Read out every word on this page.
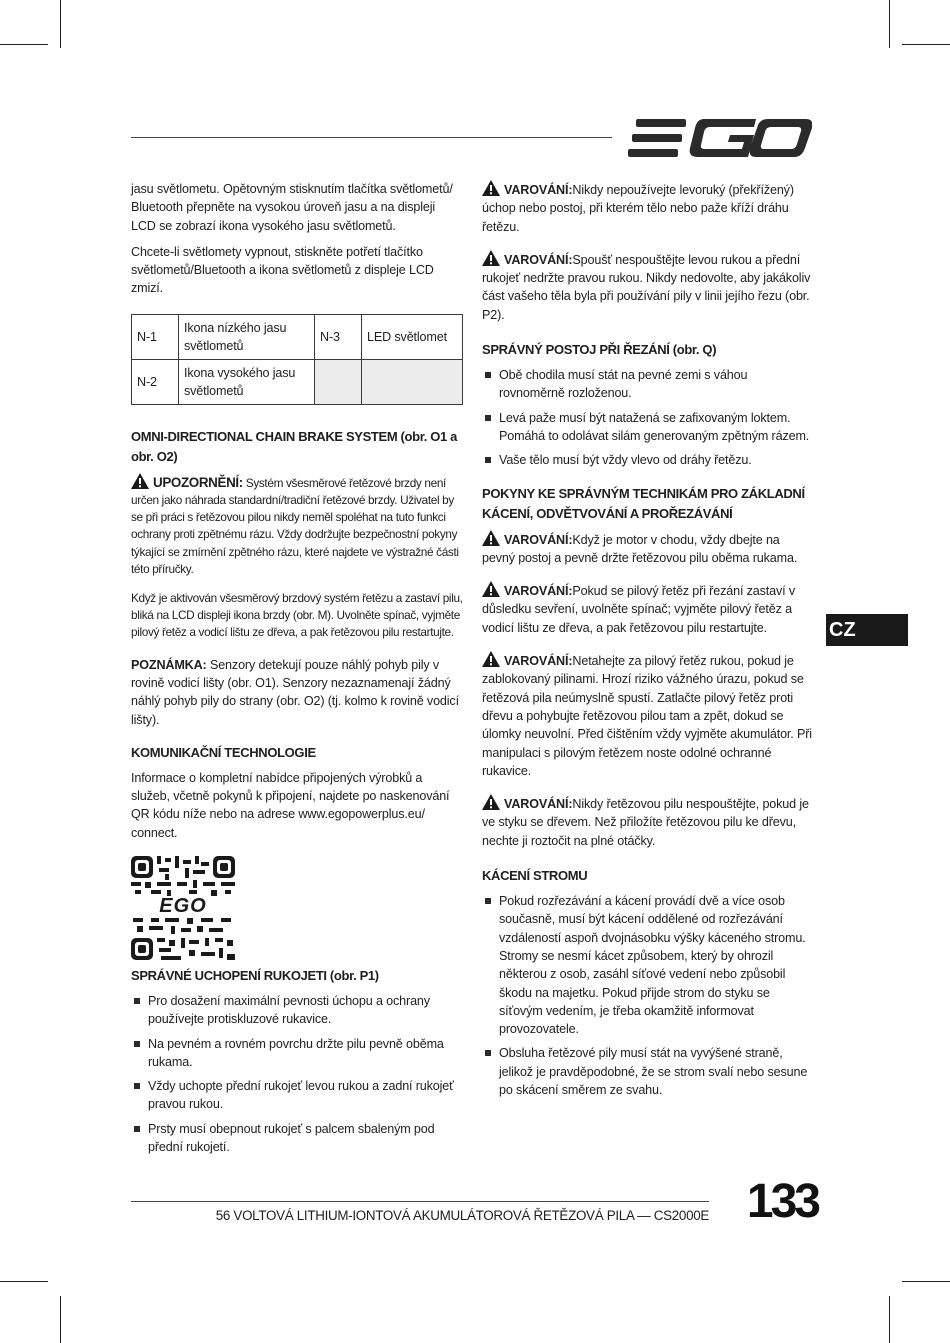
EGO

jasu světlometu. Opětovným stisknutím tlačítka světlometů/ Bluetooth přepněte na vysokou úroveň jasu a na displeji LCD se zobrazí ikona vysokého jasu světlometů.

Chcete-li světlomety vypnout, stiskněte potřetí tlačítko světlometů/Bluetooth a ikona světlometů z displeje LCD zmizí.

N-1	Ikona nízkého jasu světlometů	N-3	LED světlomet
N-2	Ikona vysokého jasu světlometů		
OMNI-DIRECTIONAL CHAIN BRAKE SYSTEM (obr. O1 a obr. O2)

UPOZORNĚNÍ: Systém všesměrové řetězové brzdy není určen jako náhrada standardní/tradiční řetězové brzdy. Uživatel by se při práci s řetězovou pilou nikdy neměl spoléhat na tuto funkci ochrany proti zpětnému rázu. Vždy dodržujte bezpečnostní pokyny týkající se zmírnění zpětného rázu, které najdete ve výstražné části této příručky.

Když je aktivován všesměrový brzdový systém řetězu a zastaví pilu, bliká na LCD displeji ikona brzdy (obr. M). Uvolněte spínač, vyjměte pilový řetěz a vodicí lištu ze dřeva, a pak řetězovou pilu restartujte.

POZNÁMKA: Senzory detekují pouze náhlý pohyb pily v rovině vodicí lišty (obr. O1). Senzory nezaznamenají žádný náhlý pohyb pily do strany (obr. O2) (tj. kolmo k rovině vodicí lišty).

KOMUNIKAČNÍ TECHNOLOGIE

Informace o kompletní nabídce připojených výrobků a služeb, včetně pokynů k připojení, najdete po naskenování QR kódu níže nebo na adrese www.egopowerplus.eu/ connect.

EGO
SPRÁVNÉ UCHOPENÍ RUKOJETI (obr. P1)
Pro dosažení maximální pevnosti úchopu a ochrany používejte protiskluzové rukavice.
Na pevném a rovném povrchu držte pilu pevně oběma rukama.
Vždy uchopte přední rukojeť levou rukou a zadní rukojeť pravou rukou.
Prsty musí obepnout rukojeť s palcem sbaleným pod přední rukojetí.

VAROVÁNÍ:Nikdy nepoužívejte levoruký (překřížený) úchop nebo postoj, při kterém tělo nebo paže kříží dráhu řetězu.

VAROVÁNÍ:Spoušť nespouštějte levou rukou a přední rukojeť nedržte pravou rukou. Nikdy nedovolte, aby jakákoliv část vašeho těla byla při používání pily v linii jejího řezu (obr. P2).

SPRÁVNÝ POSTOJ PŘI ŘEZÁNÍ (obr. Q)
Obě chodila musí stát na pevné zemi s váhou rovnoměrně rozloženou.
Levá paže musí být natažená se zafixovaným loktem. Pomáhá to odolávat silám generovaným zpětným rázem.
Vaše tělo musí být vždy vlevo od dráhy řetězu.
POKYNY KE SPRÁVNÝM TECHNIKÁM PRO ZÁKLADNÍ KÁCENÍ, ODVĚTVOVÁNÍ A PROŘEZÁVÁNÍ

VAROVÁNÍ:Když je motor v chodu, vždy dbejte na pevný postoj a pevně držte řetězovou pilu oběma rukama.

VAROVÁNÍ:Pokud se pilový řetěz při řezání zastaví v důsledku sevření, uvolněte spínač; vyjměte pilový řetěz a vodicí lištu ze dřeva, a pak řetězovou pilu restartujte.

VAROVÁNÍ:Netahejte za pilový řetěz rukou, pokud je zablokovaný pilinami. Hrozí riziko vážného úrazu, pokud se řetězová pila neúmyslně spustí. Zatlačte pilový řetěz proti dřevu a pohybujte řetězovou pilou tam a zpět, dokud se úlomky neuvolní. Před čištěním vždy vyjměte akumulátor. Při manipulaci s pilovým řetězem noste odolné ochranné rukavice.

VAROVÁNÍ:Nikdy řetězovou pilu nespouštějte, pokud je ve styku se dřevem. Než přiložíte řetězovou pilu ke dřevu, nechte ji roztočit na plné otáčky.

KÁCENÍ STROMU
Pokud rozřezávání a kácení provádí dvě a více osob současně, musí být kácení oddělené od rozřezávání vzdáleností aspoň dvojnásobku výšky káceného stromu. Stromy se nesmí kácet způsobem, který by ohrozil některou z osob, zasáhl síťové vedení nebo způsobil škodu na majetku. Pokud přijde strom do styku se síťovým vedením, je třeba okamžitě informovat provozovatele.
Obsluha řetězové pily musí stát na vyvýšené straně, jelikož je pravděpodobné, že se strom svalí nebo sesune po skácení směrem ze svahu.
CZ
56 VOLTOVÁ LITHIUM-IONTOVÁ AKUMULÁTOROVÁ ŘETĚZOVÁ PILA — CS2000E 133
